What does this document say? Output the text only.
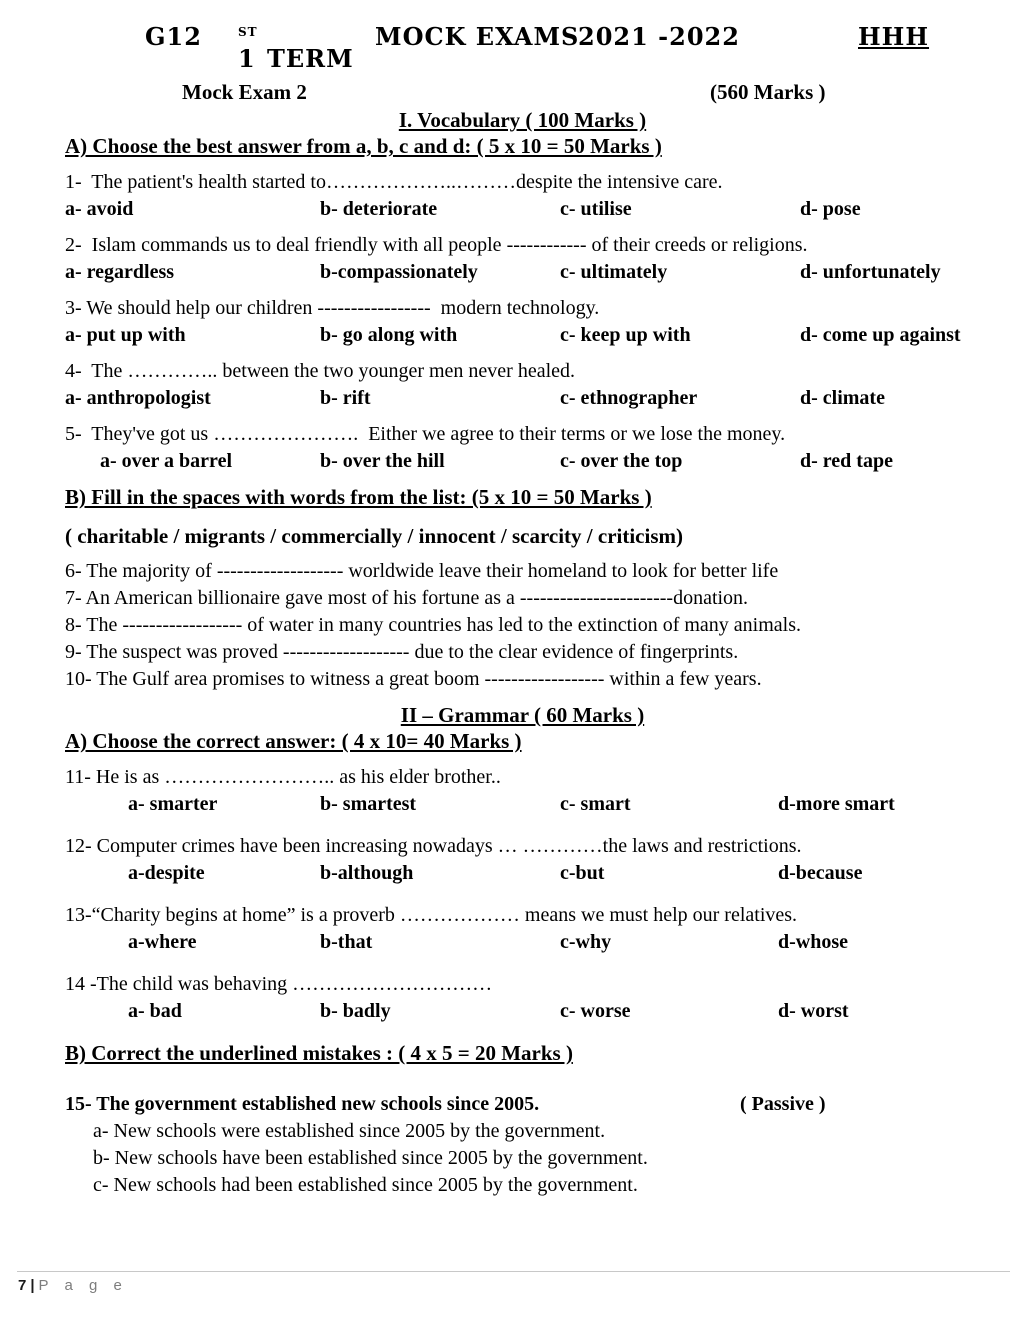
G12
1
$^{ST}$
TERM
MOCK EXAMS
2021 -2022	HHH
Mock Exam 2	(560 Marks )
I. Vocabulary ( 100 Marks )
A) Choose the best answer from a, b, c and d: ( 5 x 10 = 50 Marks )
1-  The patient's health started to………………..………despite the intensive care.
a- avoid	b- deteriorate	c- utilise	d- pose
2-  Islam commands us to deal friendly with all people ------------ of their creeds or religions.
a- regardless	b-compassionately	c- ultimately	d- unfortunately
3- We should help our children -----------------  modern technology.
a- put up with	b- go along with	c- keep up with	d- come up against
4-  The ………….. between the two younger men never healed.
a- anthropologist	b- rift	c- ethnographer	d- climate
5-  They've got us ………………….  Either we agree to their terms or we lose the money.
a- over a barrel	b- over the hill	c- over the top	d- red tape
B) Fill in the spaces with words from the list: (5 x 10 = 50 Marks )
( charitable / migrants / commercially / innocent / scarcity / criticism)
6- The majority of ------------------- worldwide leave their homeland to look for better life
7- An American billionaire gave most of his fortune as a -----------------------donation.
8- The ------------------ of water in many countries has led to the extinction of many animals.
9- The suspect was proved ------------------- due to the clear evidence of fingerprints.
10- The Gulf area promises to witness a great boom ------------------ within a few years.
II – Grammar ( 60 Marks )
A) Choose the correct answer: ( 4 x 10= 40 Marks )
11- He is as …………………….. as his elder brother..
a- smarter	b- smartest	c- smart	d-more smart
12- Computer crimes have been increasing nowadays … …………the laws and restrictions.
a-despite	b-although	c-but	d-because
13-“Charity begins at home” is a proverb ……………… means we must help our relatives.
a-where	b-that	c-why	d-whose
14 -The child was behaving …………………………
a- bad	b- badly	c- worse	d- worst
B) Correct the underlined mistakes : ( 4 x 5 = 20 Marks )
15- The government established new schools since 2005.	( Passive )
a- New schools were established since 2005 by the government.
b- New schools have been established since 2005 by the government.
c- New schools had been established since 2005 by the government.
7 | P a g e
